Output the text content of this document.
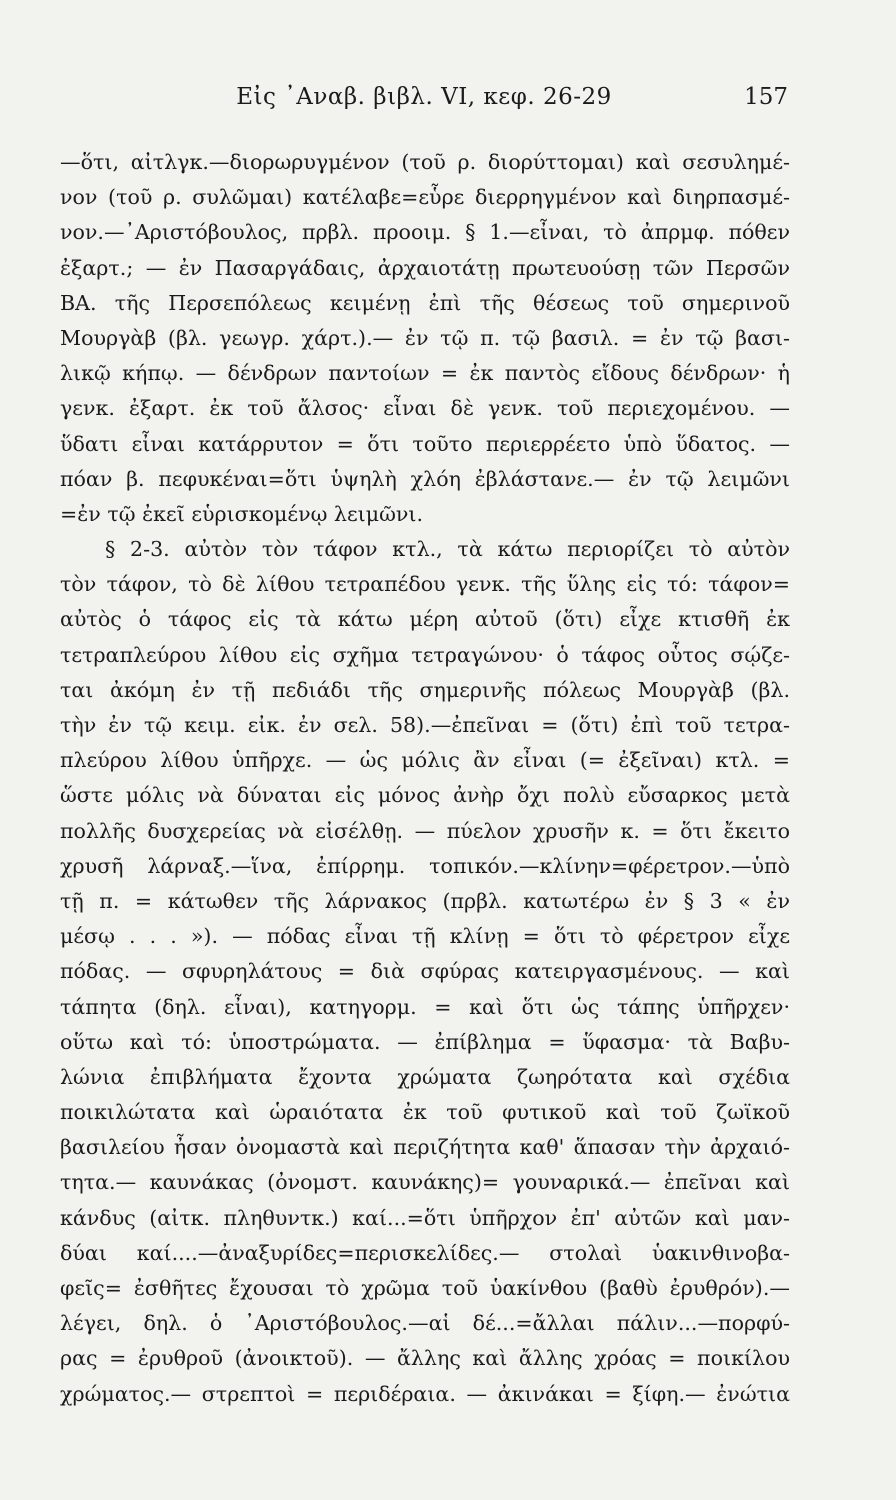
Εἰς ᾿Αναβ. βιβλ. VI, κεφ. 26-29	157
—ὅτι, αἰτλγκ.—διορωρυγμένον (τοῦ ρ. διορύττομαι) καὶ σεσυλημέ-
νον (τοῦ ρ. συλῶμαι) κατέλαβε=εὗρε διερρηγμένον καὶ διηρπασμέ-
νον.—᾿Αριστόβουλος, πρβλ. προοιμ. § 1.—εἶναι, τὸ ἀπρμφ. πόθεν
ἐξαρτ.; — ἐν Πασαργάδαις, ἀρχαιοτάτῃ πρωτευούσῃ τῶν Περσῶν
ΒΑ. τῆς Περσεπόλεως κειμένῃ ἐπὶ τῆς θέσεως τοῦ σημερινοῦ
Μουργὰβ (βλ. γεωγρ. χάρτ.).— ἐν τῷ π. τῷ βασιλ. = ἐν τῷ βασι-
λικῷ κήπῳ. — δένδρων παντοίων = ἐκ παντὸς εἴδους δένδρων· ἡ
γενκ. ἐξαρτ. ἐκ τοῦ ἄλσος· εἶναι δὲ γενκ. τοῦ περιεχομένου. —
ὕδατι εἶναι κατάρρυτον = ὅτι τοῦτο περιερρέετο ὑπὸ ὕδατος. —
πόαν β. πεφυκέναι=ὅτι ὑψηλὴ χλόη ἐβλάστανε.— ἐν τῷ λειμῶνι
=ἐν τῷ ἐκεῖ εὑρισκομένῳ λειμῶνι.
§ 2-3. αὐτὸν τὸν τάφον κτλ., τὰ κάτω περιορίζει τὸ αὐτὸν
τὸν τάφον, τὸ δὲ λίθου τετραπέδου γενκ. τῆς ὕλης εἰς τό: τάφον=
αὐτὸς ὁ τάφος εἰς τὰ κάτω μέρη αὐτοῦ (ὅτι) εἶχε κτισθῆ ἐκ
τετραπλεύρου λίθου εἰς σχῆμα τετραγώνου· ὁ τάφος οὗτος σῴζε-
ται ἀκόμη ἐν τῇ πεδιάδι τῆς σημερινῆς πόλεως Μουργὰβ (βλ.
τὴν ἐν τῷ κειμ. εἰκ. ἐν σελ. 58).—ἐπεῖναι = (ὅτι) ἐπὶ τοῦ τετρα-
πλεύρου λίθου ὑπῆρχε. — ὡς μόλις ἂν εἶναι (= ἐξεῖναι) κτλ. =
ὥστε μόλις νὰ δύναται εἰς μόνος ἀνὴρ ὄχι πολὺ εὔσαρκος μετὰ
πολλῆς δυσχερείας νὰ εἰσέλθῃ. — πύελον χρυσῆν κ. = ὅτι ἔκειτο
χρυσῆ λάρναξ.—ἵνα, ἐπίρρημ. τοπικόν.—κλίνην=φέρετρον.—ὑπὸ
τῇ π. = κάτωθεν τῆς λάρνακος (πρβλ. κατωτέρω ἐν § 3 « ἐν
μέσῳ . . . »). — πόδας εἶναι τῇ κλίνῃ = ὅτι τὸ φέρετρον εἶχε
πόδας. — σφυρηλάτους = διὰ σφύρας κατειργασμένους. — καὶ
τάπητα (δηλ. εἶναι), κατηγορμ. = καὶ ὅτι ὡς τάπης ὑπῆρχεν·
οὕτω καὶ τό: ὑποστρώματα. — ἐπίβλημα = ὕφασμα· τὰ Βαβυ-
λώνια ἐπιβλήματα ἔχοντα χρώματα ζωηρότατα καὶ σχέδια
ποικιλώτατα καὶ ὡραιότατα ἐκ τοῦ φυτικοῦ καὶ τοῦ ζωϊκοῦ
βασιλείου ἦσαν ὀνομαστὰ καὶ περιζήτητα καθ' ἅπασαν τὴν ἀρχαιό-
τητα.— καυνάκας (ὀνομστ. καυνάκης)= γουναρικά.— ἐπεῖναι καὶ
κάνδυς (αἰτκ. πληθυντκ.) καί...=ὅτι ὑπῆρχον ἐπ' αὐτῶν καὶ μαν-
δύαι καί....—ἀναξυρίδες=περισκελίδες.— στολαὶ ὑακινθινοβα-
φεῖς= ἐσθῆτες ἔχουσαι τὸ χρῶμα τοῦ ὑακίνθου (βαθὺ ἐρυθρόν).—
λέγει, δηλ. ὁ ᾿Αριστόβουλος.—αἱ δέ...=ἄλλαι πάλιν...—πορφύ-
ρας = ἐρυθροῦ (ἀνοικτοῦ). — ἄλλης καὶ ἄλλης χρόας = ποικίλου
χρώματος.— στρεπτοὶ = περιδέραια. — ἀκινάκαι = ξίφη.— ἐνώτια
